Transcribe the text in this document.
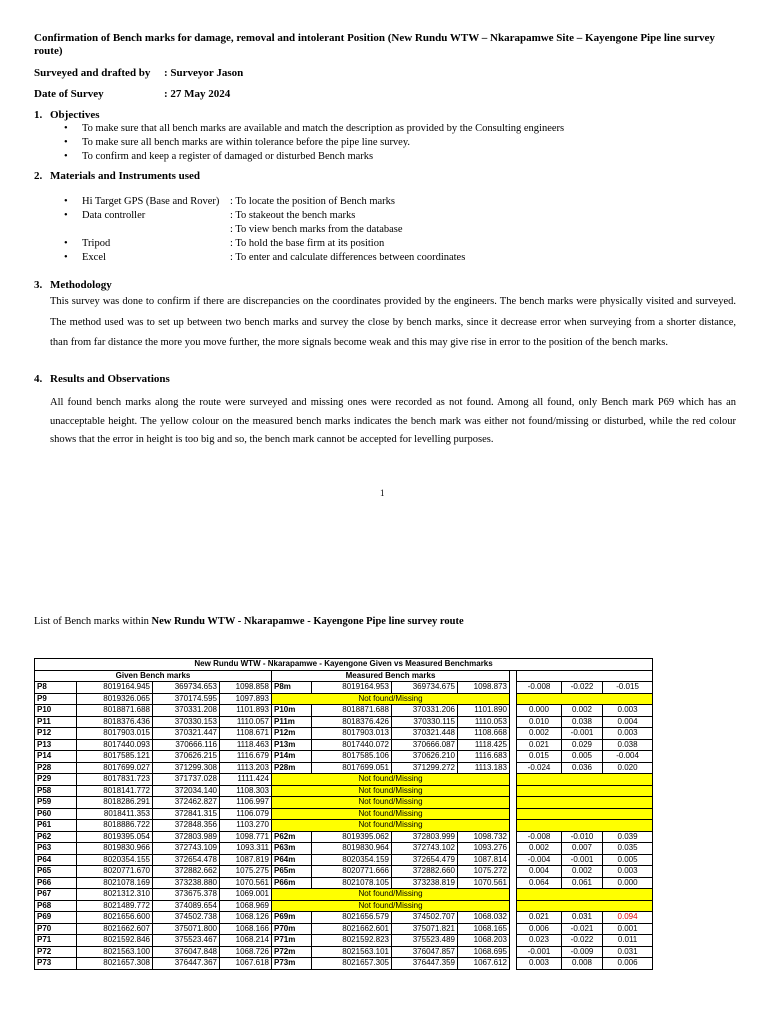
Confirmation of Bench marks for damage, removal and intolerant Position (New Rundu WTW – Nkarapamwe Site – Kayengone Pipe line survey route)
Surveyed and drafted by	: Surveyor Jason
Date of Survey	: 27 May 2024
1. Objectives
• To make sure that all bench marks are available and match the description as provided by the Consulting engineers
• To make sure all bench marks are within tolerance before the pipe line survey.
• To confirm and keep a register of damaged or disturbed Bench marks
2. Materials and Instruments used
• Hi Target GPS (Base and Rover) : To locate the position of Bench marks
• Data controller	: To stakeout the bench marks
: To view bench marks from the database
• Tripod	: To hold the base firm at its position
• Excel	: To enter and calculate differences between coordinates
3. Methodology
This survey was done to confirm if there are discrepancies on the coordinates provided by the engineers. The bench marks were physically visited and surveyed. The method used was to set up between two bench marks and survey the close by bench marks, since it decrease error when surveying from a shorter distance, than from far distance the more you move further, the more signals become weak and this may give rise in error to the position of the bench marks.
4. Results and Observations
All found bench marks along the route were surveyed and missing ones were recorded as not found. Among all found, only Bench mark P69 which has an unacceptable height. The yellow colour on the measured bench marks indicates the bench mark was either not found/missing or disturbed, while the red colour shows that the error in height is too big and so, the bench mark cannot be accepted for levelling purposes.
1
List of Bench marks within New Rundu WTW - Nkarapamwe - Kayengone Pipe line survey route
New Rundu WTW - Nkarapamwe - Kayengone Given vs Measured Benchmarks											
Given Bench marks				Measured Bench marks							
P8	8019164.945	369734.653	1098.858	P8m	8019164.953	369734.675	1098.873		-0.008	-0.022	-0.015
P9	8019326.065	370174.595	1097.893	Not found/Missing							
P10	8018871.688	370331.208	1101.893	P10m	8018871.688	370331.206	1101.890		0.000	0.002	0.003
P11	8018376.436	370330.153	1110.057	P11m	8018376.426	370330.115	1110.053		0.010	0.038	0.004
P12	8017903.015	370321.447	1108.671	P12m	8017903.013	370321.448	1108.668		0.002	-0.001	0.003
P13	8017440.093	370666.116	1118.463	P13m	8017440.072	370666.087	1118.425		0.021	0.029	0.038
P14	8017585.121	370626.215	1116.679	P14m	8017585.106	370626.210	1116.683		0.015	0.005	-0.004
P28	8017699.027	371299.308	1113.203	P28m	8017699.051	371299.272	1113.183		-0.024	0.036	0.020
P29	8017831.723	371737.028	1111.424	Not found/Missing							
P58	8018141.772	372034.140	1108.303	Not found/Missing							
P59	8018286.291	372462.827	1106.997	Not found/Missing							
P60	8018411.353	372841.315	1106.079	Not found/Missing							
P61	8018886.722	372848.356	1103.270	Not found/Missing							
P62	8019395.054	372803.989	1098.771	P62m	8019395.062	372803.999	1098.732		-0.008	-0.010	0.039
P63	8019830.966	372743.109	1093.311	P63m	8019830.964	372743.102	1093.276		0.002	0.007	0.035
P64	8020354.155	372654.478	1087.819	P64m	8020354.159	372654.479	1087.814		-0.004	-0.001	0.005
P65	8020771.670	372882.662	1075.275	P65m	8020771.666	372882.660	1075.272		0.004	0.002	0.003
P66	8021078.169	373238.880	1070.561	P66m	8021078.105	373238.819	1070.561		0.064	0.061	0.000
P67	8021312.310	373675.378	1069.001	Not found/Missing							
P68	8021489.772	374089.654	1068.969	Not found/Missing							
P69	8021656.600	374502.738	1068.126	P69m	8021656.579	374502.707	1068.032		0.021	0.031	0.094
P70	8021662.607	375071.800	1068.166	P70m	8021662.601	375071.821	1068.165		0.006	-0.021	0.001
P71	8021592.846	375523.467	1068.214	P71m	8021592.823	375523.489	1068.203		0.023	-0.022	0.011
P72	8021563.100	376047.848	1068.726	P72m	8021563.101	376047.857	1068.695		-0.001	-0.009	0.031
P73	8021657.308	376447.367	1067.618	P73m	8021657.305	376447.359	1067.612		0.003	0.008	0.006
